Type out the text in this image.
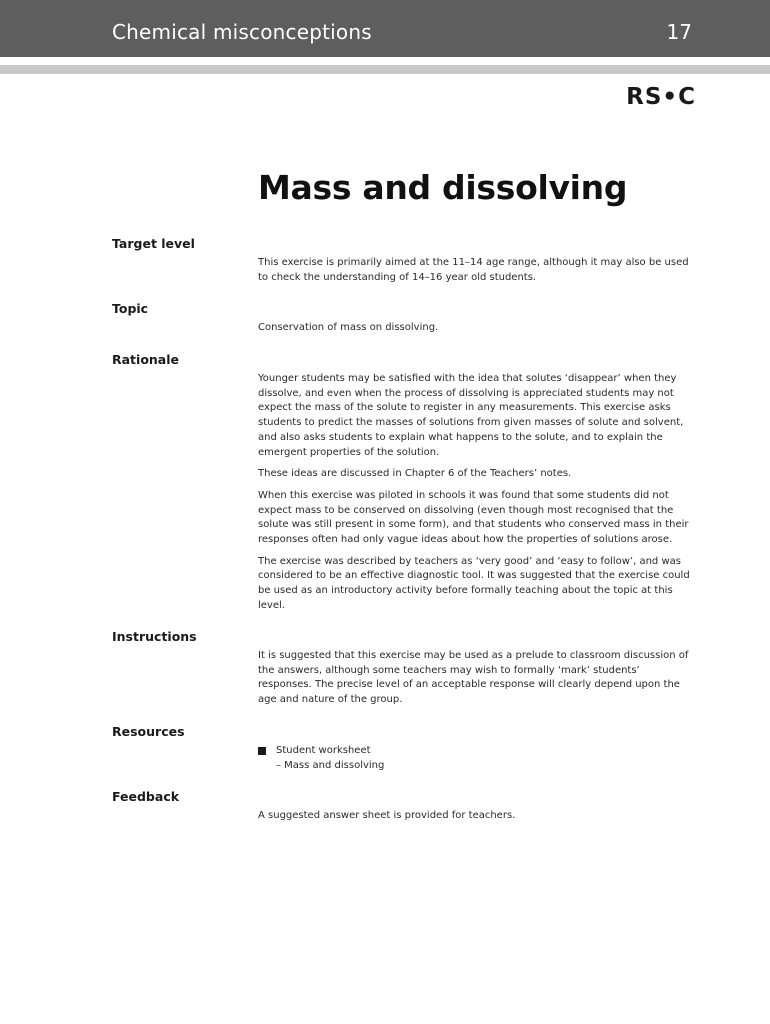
Chemical misconceptions	17
RS•C
Mass and dissolving
Target level

This exercise is primarily aimed at the 11–14 age range, although it may also be used to check the understanding of 14–16 year old students.

Topic

Conservation of mass on dissolving.

Rationale

Younger students may be satisfied with the idea that solutes ‘disappear’ when they dissolve, and even when the process of dissolving is appreciated students may not expect the mass of the solute to register in any measurements. This exercise asks students to predict the masses of solutions from given masses of solute and solvent, and also asks students to explain what happens to the solute, and to explain the emergent properties of the solution.

These ideas are discussed in Chapter 6 of the Teachers’ notes.

When this exercise was piloted in schools it was found that some students did not expect mass to be conserved on dissolving (even though most recognised that the solute was still present in some form), and that students who conserved mass in their responses often had only vague ideas about how the properties of solutions arose.

The exercise was described by teachers as ‘very good’ and ‘easy to follow’, and was considered to be an effective diagnostic tool. It was suggested that the exercise could be used as an introductory activity before formally teaching about the topic at this level.

Instructions

It is suggested that this exercise may be used as a prelude to classroom discussion of the answers, although some teachers may wish to formally ‘mark’ students’ responses. The precise level of an acceptable response will clearly depend upon the age and nature of the group.

Resources
Student worksheet
– Mass and dissolving
Feedback

A suggested answer sheet is provided for teachers.
